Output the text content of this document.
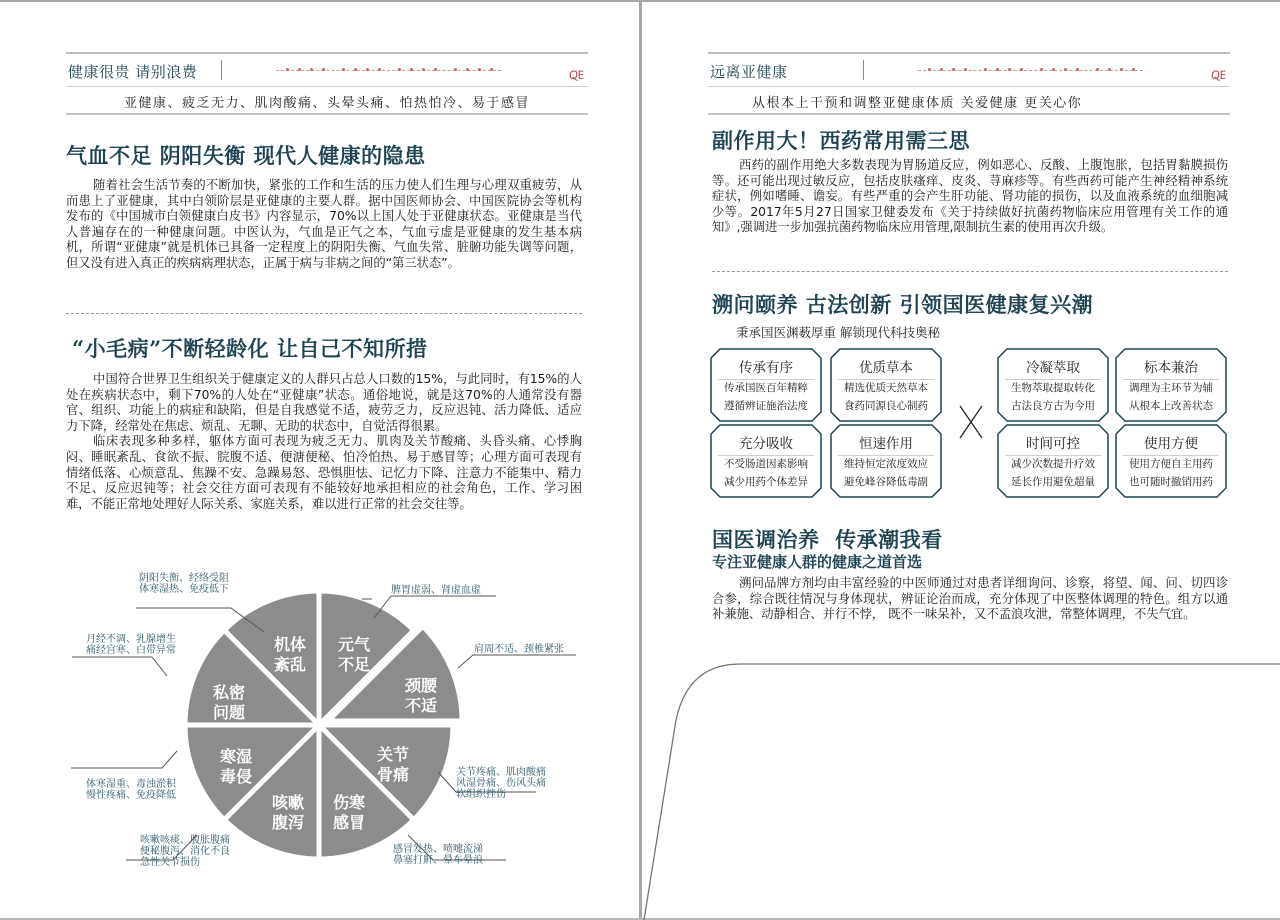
健康很贵 请别浪费	🜀
亚健康、疲乏无力、肌肉酸痛、头晕头痛、怕热怕冷、易于感冒
气血不足 阴阳失衡 现代人健康的隐患

随着社会生活节奏的不断加快，紧张的工作和生活的压力使人们生理与心理双重疲劳，从而患上了亚健康，其中白领阶层是亚健康的主要人群。据中国医师协会、中国医院协会等机构发布的《中国城市白领健康白皮书》内容显示，70%以上国人处于亚健康状态。亚健康是当代人普遍存在的一种健康问题。中医认为，气血是正气之本，气血亏虚是亚健康的发生基本病机，所谓“亚健康”就是机体已具备一定程度上的阴阳失衡、气血失常、脏腑功能失调等问题，但又没有进入真正的疾病病理状态，正属于病与非病之间的“第三状态”。

“小毛病”不断轻龄化 让自己不知所措

中国符合世界卫生组织关于健康定义的人群只占总人口数的15%，与此同时，有15%的人处在疾病状态中，剩下70%的人处在“亚健康”状态。通俗地说，就是这70%的人通常没有器官、组织、功能上的病症和缺陷，但是自我感觉不适，疲劳乏力，反应迟钝、活力降低、适应力下降，经常处在焦虑、烦乱、无聊、无助的状态中，自觉活得很累。

临床表现多种多样，躯体方面可表现为疲乏无力、肌肉及关节酸痛、头昏头痛、心悸胸闷、睡眠紊乱、食欲不振、脘腹不适、便溏便秘、怕冷怕热、易于感冒等；心理方面可表现有情绪低落、心烦意乱、焦躁不安、急躁易怒、恐惧胆怯、记忆力下降、注意力不能集中、精力不足、反应迟钝等；社会交往方面可表现有不能较好地承担相应的社会角色，工作、学习困难，不能正常地处理好人际关系、家庭关系，难以进行正常的社会交往等。

机体
紊乱
元气
不足
颈腰
不适
关节
骨痛
伤寒
感冒
咳嗽
腹泻
寒湿
毒侵
私密
问题
阴阳失衡、经络受阻
体寒湿热、免疫低下	脾胃虚弱、肾虚血虚
肩周不适、颈椎紧张
关节疼痛、肌肉酸痛
风湿骨痛、伤风头痛
软组织挫伤
感冒发热、喷嚏流涕
鼻塞打鼾、晕车晕浪
咳嗽咳痰、腹胀腹痛
便秘腹泻、消化不良
急性关节损伤
体寒湿重、毒浊淤积
慢性疼痛、免疫降低
月经不调、乳腺增生
痛经宫寒、白带异常
远离亚健康	🜀
从根本上干预和调整亚健康体质 关爱健康 更关心你
副作用大！西药常用需三思

西药的副作用绝大多数表现为胃肠道反应，例如恶心、反酸、上腹饱胀，包括胃黏膜损伤等。还可能出现过敏反应，包括皮肤瘙痒、皮炎、荨麻疹等。有些西药可能产生神经精神系统症状，例如嗜睡、谵妄。有些严重的会产生肝功能、肾功能的损伤，以及血液系统的血细胞减少等。2017年5月27日国家卫健委发布《关于持续做好抗菌药物临床应用管理有关工作的通知》,强调进一步加强抗菌药物临床应用管理,限制抗生素的使用再次升级。

溯问颐养 古法创新 引领国医健康复兴潮
秉承国医渊薮厚重 解锁现代科技奥秘
传承有序
传承国医百年精粹
遵循辨证施治法度
优质草本
精选优质天然草本
食药同源良心制药
充分吸收
不受肠道因素影响
减少用药个体差异
恒速作用
维持恒定浓度效应
避免峰谷降低毒副
冷凝萃取
生物萃取提取转化
古法良方古为今用
标本兼治
调理为主环节为辅
从根本上改善状态
时间可控
减少次数提升疗效
延长作用避免超量
使用方便
使用方便自主用药
也可随时撤销用药
国医调治养  传承潮我看
专注亚健康人群的健康之道首选

溯问品牌方剂均由丰富经验的中医师通过对患者详细询问、诊察，将望、闻、问、切四诊合参，综合既往情况与身体现状，辨证论治而成，充分体现了中医整体调理的特色。组方以通补兼施、动静相合、并行不悖， 既不一味呆补，又不孟浪攻泄，常整体调理，不失气宜。
